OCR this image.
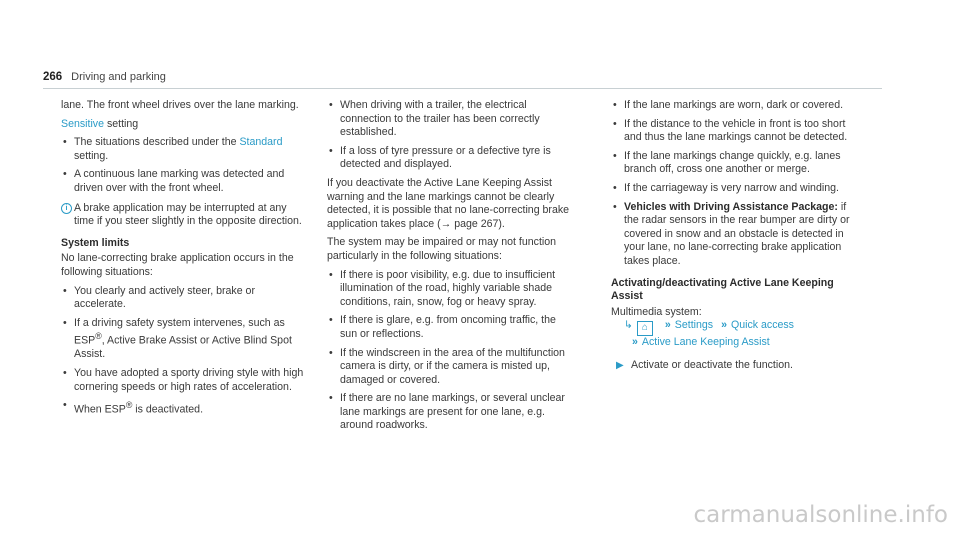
266 Driving and parking

lane. The front wheel drives over the lane marking.

Sensitive setting

• The situations described under the Standard setting.
• A continuous lane marking was detected and driven over with the front wheel.
i A brake application may be interrupted at any time if you steer slightly in the opposite direction.
System limits

No lane-correcting brake application occurs in the following situations:

• You clearly and actively steer, brake or accelerate.
• If a driving safety system intervenes, such as ESP®, Active Brake Assist or Active Blind Spot Assist.
• You have adopted a sporty driving style with high cornering speeds or high rates of acceleration.
• When ESP® is deactivated.
• When driving with a trailer, the electrical connection to the trailer has been correctly established.
• If a loss of tyre pressure or a defective tyre is detected and displayed.

If you deactivate the Active Lane Keeping Assist warning and the lane markings cannot be clearly detected, it is possible that no lane-correcting brake application takes place (→ page 267).

The system may be impaired or may not function particularly in the following situations:

• If there is poor visibility, e.g. due to insufficient illumination of the road, highly variable shade conditions, rain, snow, fog or heavy spray.
• If there is glare, e.g. from oncoming traffic, the sun or reflections.
• If the windscreen in the area of the multifunction camera is dirty, or if the camera is misted up, damaged or covered.
• If there are no lane markings, or several unclear lane markings are present for one lane, e.g. around roadworks.
• If the lane markings are worn, dark or covered.
• If the distance to the vehicle in front is too short and thus the lane markings cannot be detected.
• If the lane markings change quickly, e.g. lanes branch off, cross one another or merge.
• If the carriageway is very narrow and winding.
• Vehicles with Driving Assistance Package: if the radar sensors in the rear bumper are dirty or covered in snow and an obstacle is detected in your lane, no lane-correcting brake application takes place.
Activating/deactivating Active Lane Keeping Assist
Multimedia system:
↳ ⌂ » Settings » Quick access
» Active Lane Keeping Assist
▶ Activate or deactivate the function.
carmanualsonline.info
